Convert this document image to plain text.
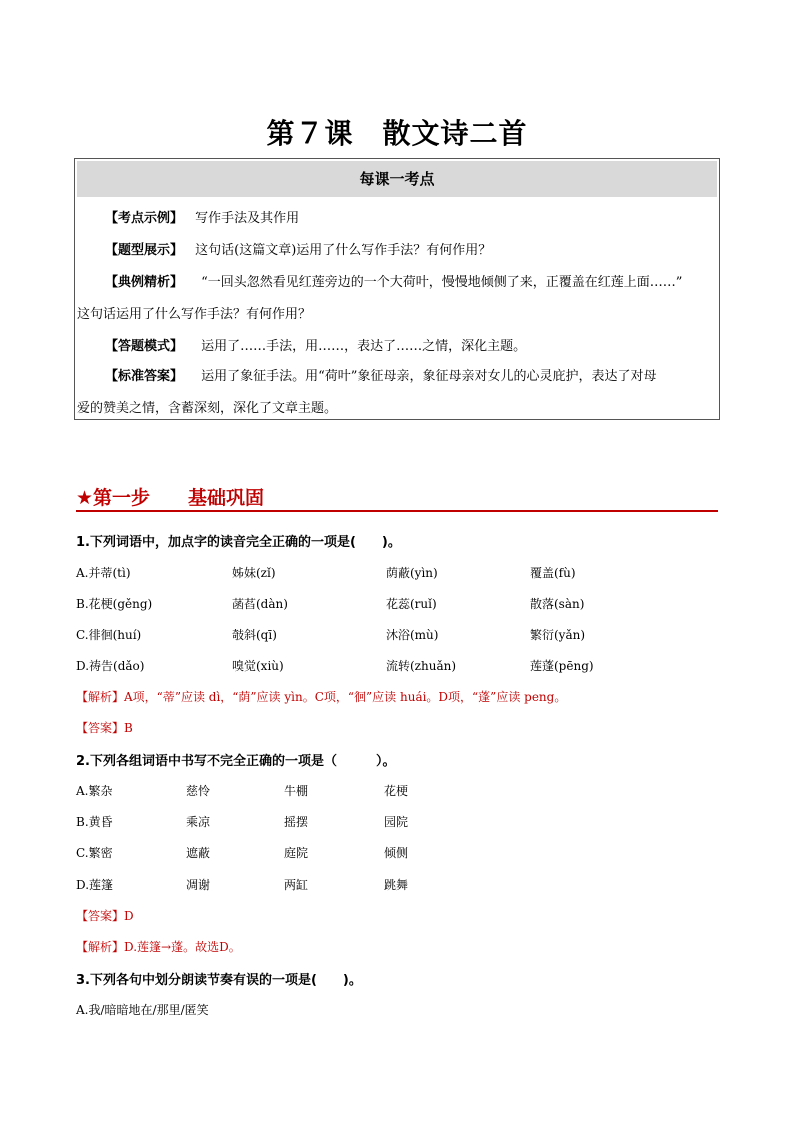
第７课　散文诗二首
每课一考点
【考点示例】 写作手法及其作用
【题型展示】 这句话(这篇文章)运用了什么写作手法？有何作用？
【典例精析】 “一回头忽然看见红莲旁边的一个大荷叶，慢慢地倾侧了来，正覆盖在红莲上面……”
这句话运用了什么写作手法？有何作用？
【答题模式】 运用了……手法，用……，表达了……之情，深化主题。
【标准答案】 运用了象征手法。用“荷叶”象征母亲，象征母亲对女儿的心灵庇护，表达了对母
爱的赞美之情，含蓄深刻，深化了文章主题。
★第一步　　基础巩固
1.下列词语中，加点字的读音完全正确的一项是(　　)。
A.并蒂(tì)	姊妹(zǐ)	荫蔽(yìn)	覆盖(fù)
B.花梗(gěng)	菡萏(dàn)	花蕊(ruǐ)	散落(sàn)
C.徘徊(huí)	攲斜(qī)	沐浴(mù)	繁衍(yǎn)
D.祷告(dǎo)	嗅觉(xiù)	流转(zhuǎn)	莲蓬(pēng)
【解析】A项，“蒂”应读 dì，“荫”应读 yìn。C项，“徊”应读 huái。D项，“蓬”应读 peng。
【答案】B
2.下列各组词语中书写不完全正确的一项是（　　　）。
A.繁杂	慈怜	牛棚	花梗
B.黄昏	乘凉	摇摆	园院
C.繁密	遮蔽	庭院	倾侧
D.莲篷	凋谢	两缸	跳舞
【答案】D
【解析】D.莲篷→蓬。故选D。
3.下列各句中划分朗读节奏有误的一项是(　　)。
A.我/暗暗地在/那里/匿笑
